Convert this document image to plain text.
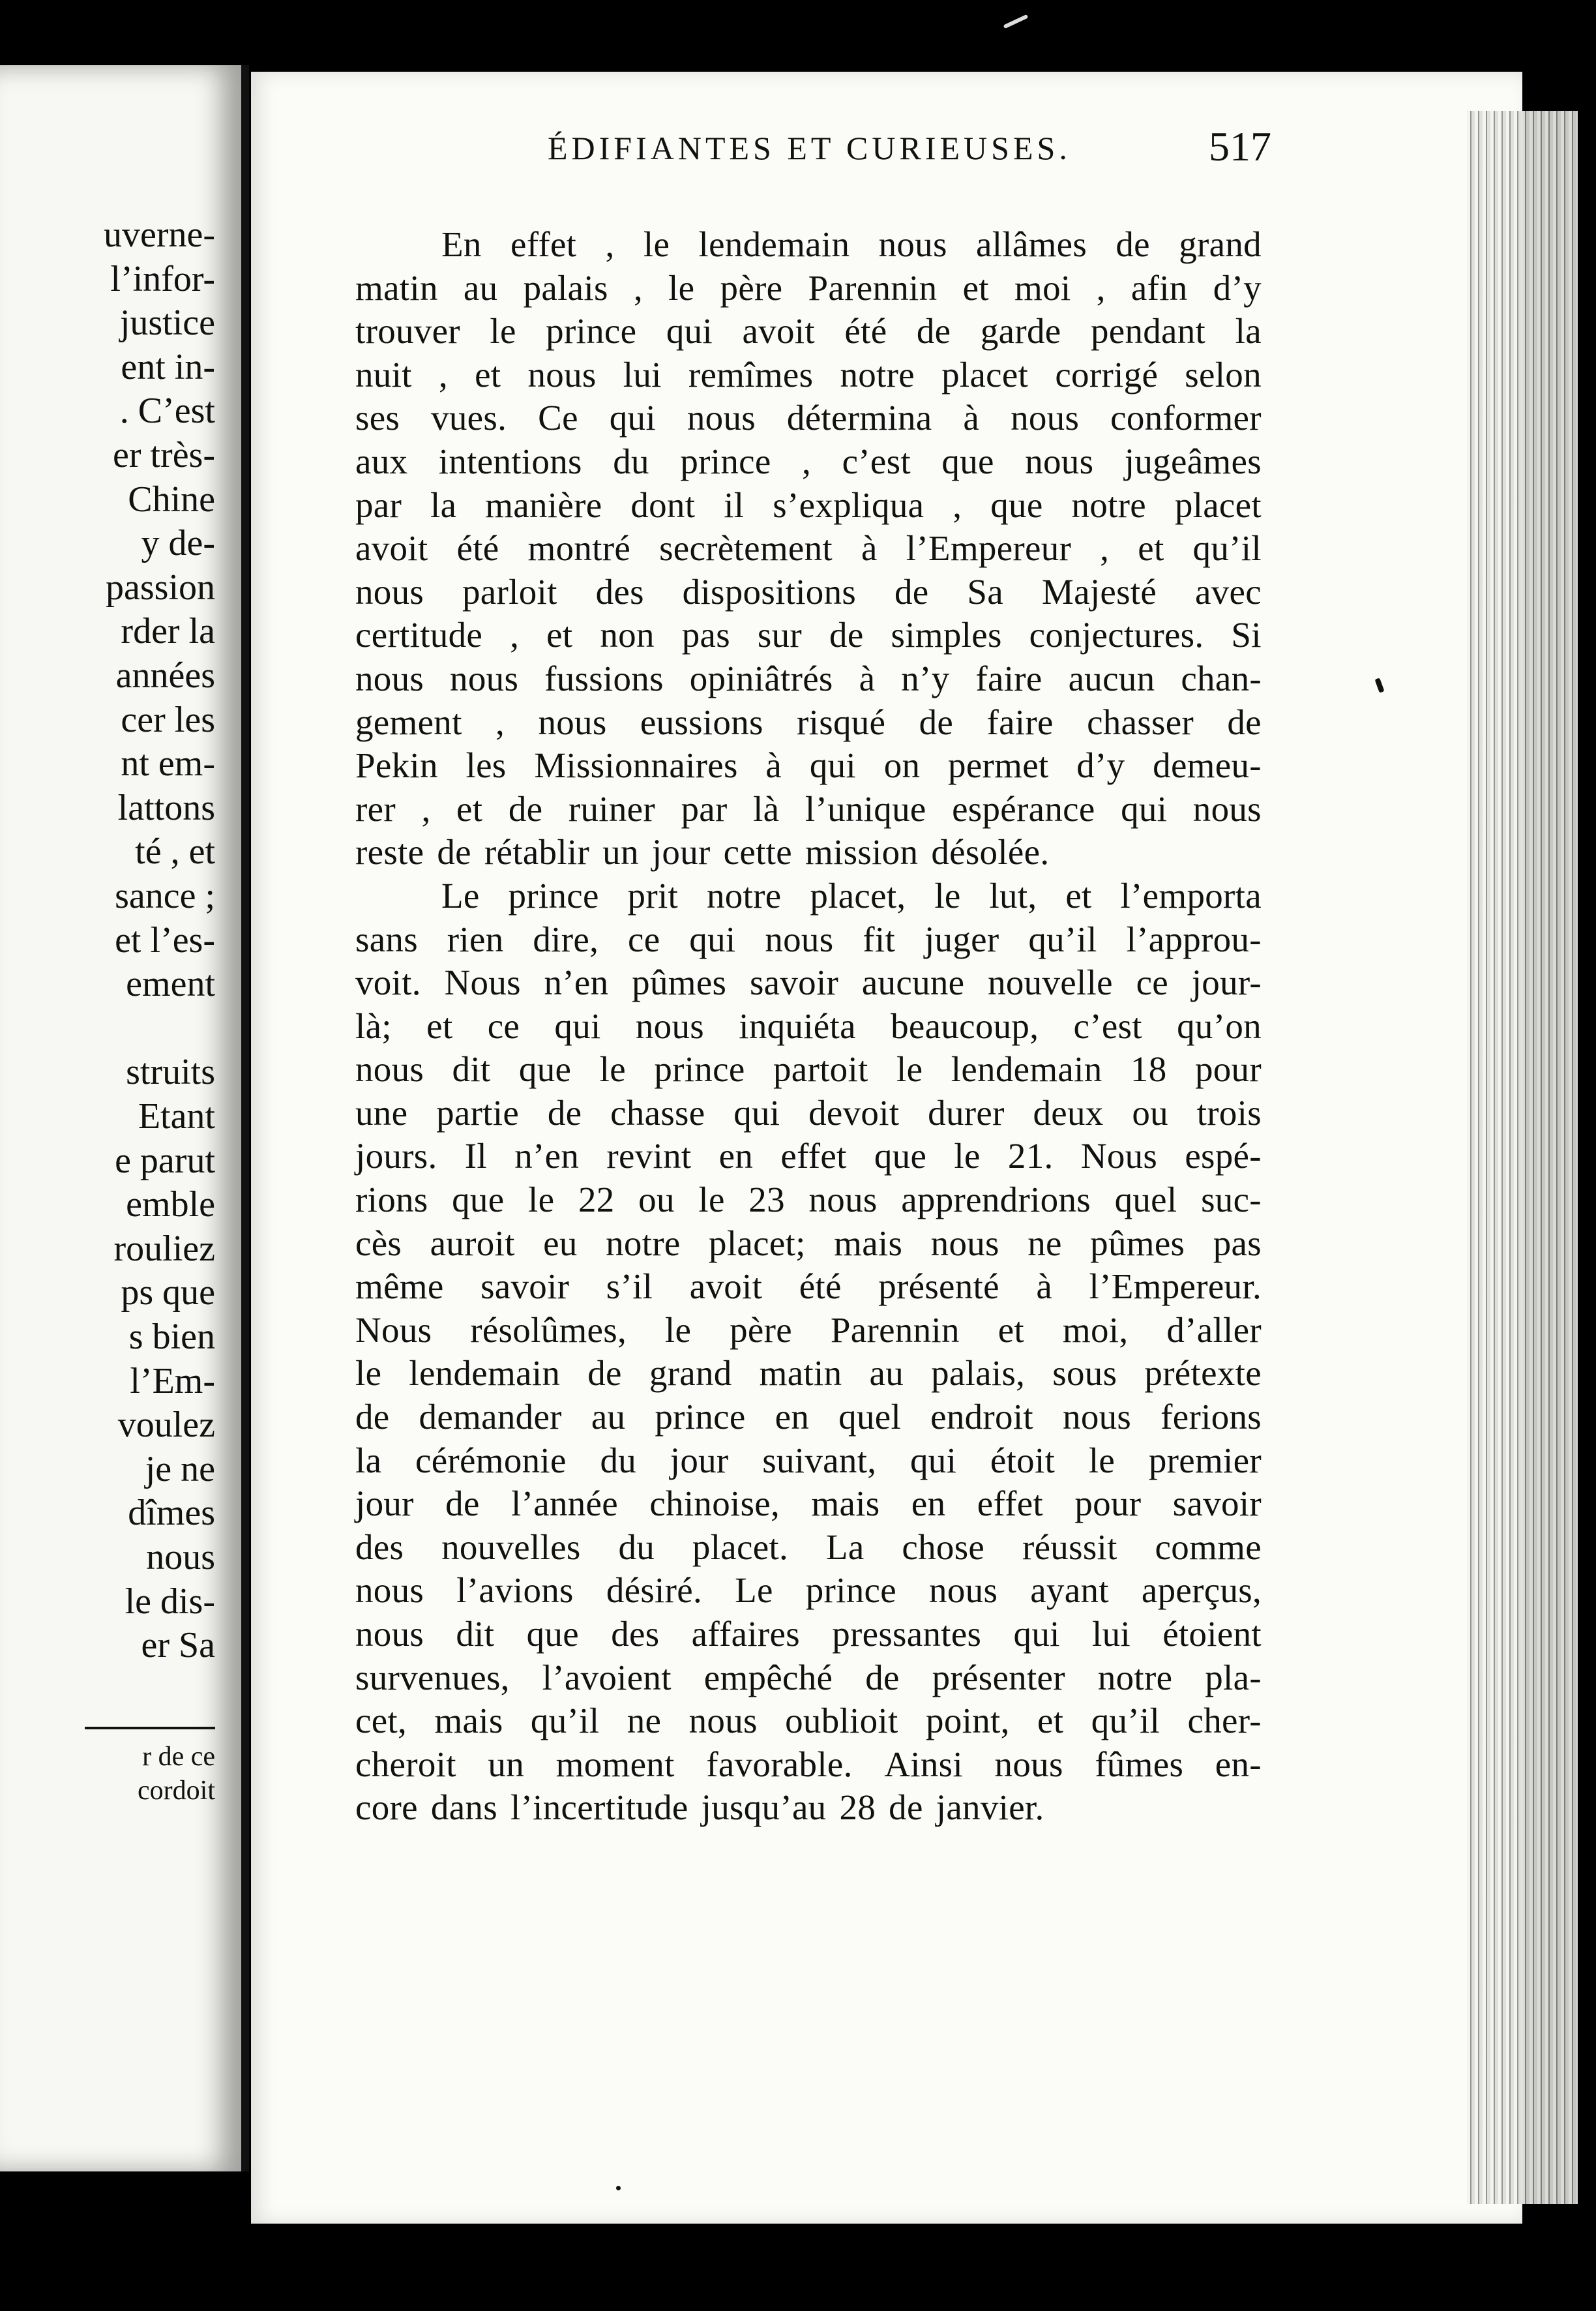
uverne-
l’infor-
justice
ent in-
. C’est
er très-
Chine
y de-
passion
rder la
années
cer les
nt em-
lattons
té , et
sance ;
et l’es-
ement
struits
Etant
e parut
emble
rouliez
ps que
s bien
l’Em-
voulez
je ne
dîmes
nous
le dis-
er Sa
r de ce
cordoit
ÉDIFIANTES ET CURIEUSES.	517
En effet , le lendemain nous allâmes de grand
matin au palais , le père Parennin et moi , afin d’y
trouver le prince qui avoit été de garde pendant la
nuit , et nous lui remîmes notre placet corrigé selon
ses vues. Ce qui nous détermina à nous conformer
aux intentions du prince , c’est que nous jugeâmes
par la manière dont il s’expliqua , que notre placet
avoit été montré secrètement à l’Empereur , et qu’il
nous parloit des dispositions de Sa Majesté avec
certitude , et non pas sur de simples conjectures. Si
nous nous fussions opiniâtrés à n’y faire aucun chan-
gement , nous eussions risqué de faire chasser de
Pekin les Missionnaires à qui on permet d’y demeu-
rer , et de ruiner par là l’unique espérance qui nous
reste de rétablir un jour cette mission désolée.
Le prince prit notre placet, le lut, et l’emporta
sans rien dire, ce qui nous fit juger qu’il l’approu-
voit. Nous n’en pûmes savoir aucune nouvelle ce jour-
là; et ce qui nous inquiéta beaucoup, c’est qu’on
nous dit que le prince partoit le lendemain 18 pour
une partie de chasse qui devoit durer deux ou trois
jours. Il n’en revint en effet que le 21. Nous espé-
rions que le 22 ou le 23 nous apprendrions quel suc-
cès auroit eu notre placet; mais nous ne pûmes pas
même savoir s’il avoit été présenté à l’Empereur.
Nous résolûmes, le père Parennin et moi, d’aller
le lendemain de grand matin au palais, sous prétexte
de demander au prince en quel endroit nous ferions
la cérémonie du jour suivant, qui étoit le premier
jour de l’année chinoise, mais en effet pour savoir
des nouvelles du placet. La chose réussit comme
nous l’avions désiré. Le prince nous ayant aperçus,
nous dit que des affaires pressantes qui lui étoient
survenues, l’avoient empêché de présenter notre pla-
cet, mais qu’il ne nous oublioit point, et qu’il cher-
cheroit un moment favorable. Ainsi nous fûmes en-
core dans l’incertitude jusqu’au 28 de janvier.
